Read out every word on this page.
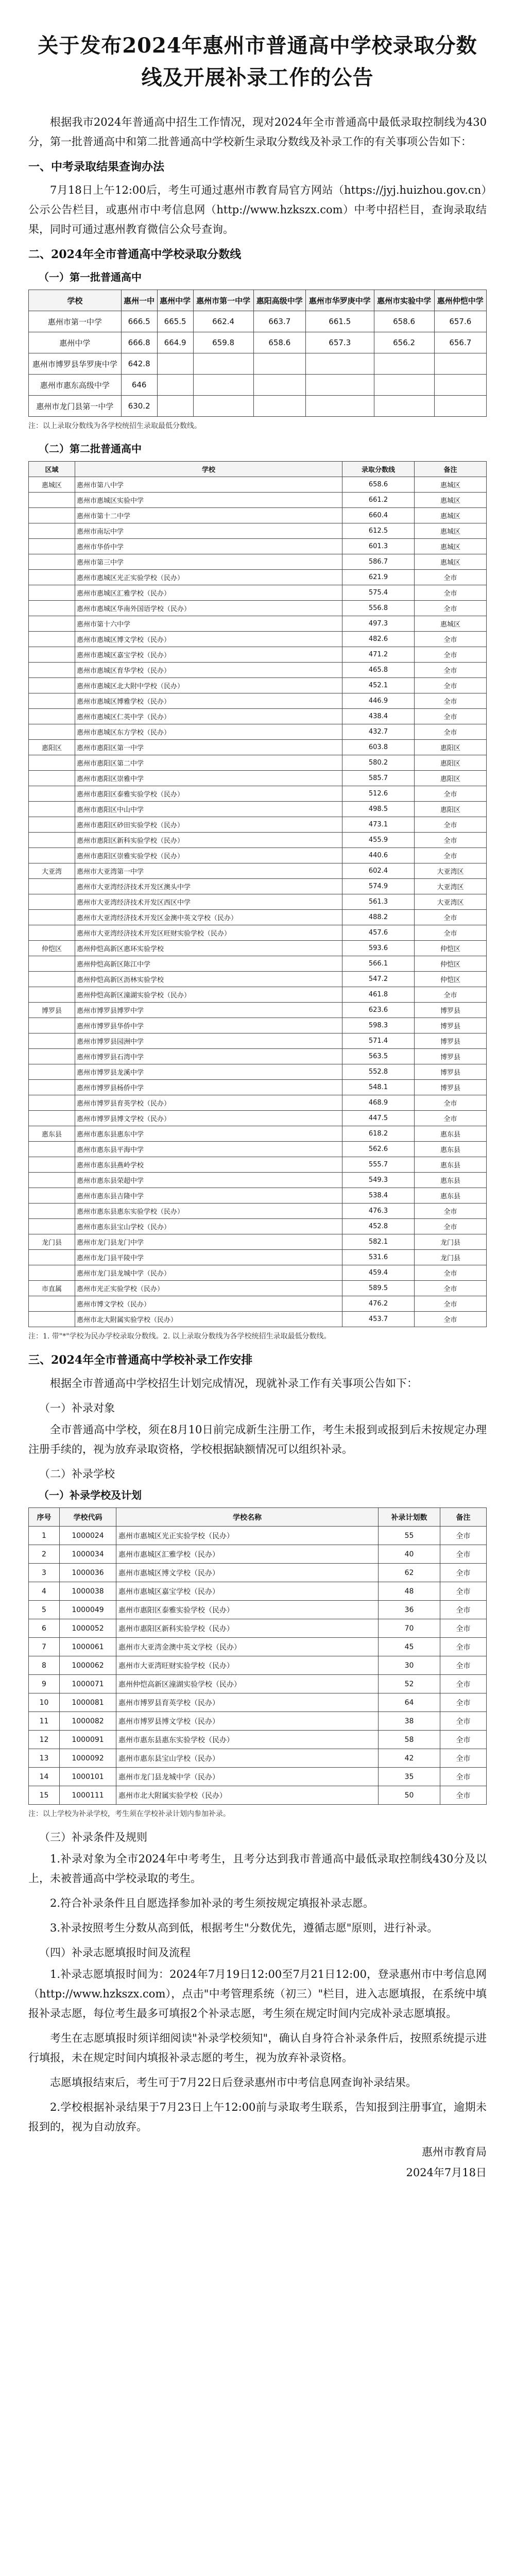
关于发布2024年惠州市普通高中学校录取分数线及开展补录工作的公告

根据我市2024年普通高中招生工作情况，现对2024年全市普通高中最低录取控制线为430分，第一批普通高中和第二批普通高中学校新生录取分数线及补录工作的有关事项公告如下：

一、中考录取结果查询办法

7月18日上午12:00后，考生可通过惠州市教育局官方网站（https://jyj.huizhou.gov.cn）公示公告栏目，或惠州市中考信息网（http://www.hzkszx.com）中考中招栏目，查询录取结果，同时可通过惠州教育微信公众号查询。

二、2024年全市普通高中学校录取分数线
（一）第一批普通高中
学校	惠州一中	惠州中学	惠州市第一中学	惠阳高级中学	惠州市华罗庚中学	惠州市实验中学	惠州仲恺中学
惠州市第一中学	666.5	665.5	662.4	663.7	661.5	658.6	657.6
惠州中学	666.8	664.9	659.8	658.6	657.3	656.2	656.7
惠州市博罗县华罗庚中学	642.8						
惠州市惠东高级中学	646						
惠州市龙门县第一中学	630.2						
注：以上录取分数线为各学校统招生录取最低分数线。
（二）第二批普通高中
区域	学校	录取分数线	备注
惠城区	惠州市第八中学	658.6	惠城区
	惠州市惠城区实验中学	661.2	惠城区
	惠州市第十二中学	660.4	惠城区
	惠州市南坛中学	612.5	惠城区
	惠州市华侨中学	601.3	惠城区
	惠州市第三中学	586.7	惠城区
	惠州市惠城区光正实验学校（民办）	621.9	全市
	惠州市惠城区汇雅学校（民办）	575.4	全市
	惠州市惠城区华南外国语学校（民办）	556.8	全市
	惠州市第十六中学	497.3	惠城区
	惠州市惠城区博文学校（民办）	482.6	全市
	惠州市惠城区嘉宝学校（民办）	471.2	全市
	惠州市惠城区育华学校（民办）	465.8	全市
	惠州市惠城区北大附中学校（民办）	452.1	全市
	惠州市惠城区博雅学校（民办）	446.9	全市
	惠州市惠城区仁英中学（民办）	438.4	全市
	惠州市惠城区东方学校（民办）	432.7	全市
惠阳区	惠州市惠阳区第一中学	603.8	惠阳区
	惠州市惠阳区第二中学	580.2	惠阳区
	惠州市惠阳区崇雅中学	585.7	惠阳区
	惠州市惠阳区泰雅实验学校（民办）	512.6	全市
	惠州市惠阳区中山中学	498.5	惠阳区
	惠州市惠阳区砂田实验学校（民办）	473.1	全市
	惠州市惠阳区新科实验学校（民办）	455.9	全市
	惠州市惠阳区崇雅实验学校（民办）	440.6	全市
大亚湾	惠州市大亚湾第一中学	602.4	大亚湾区
	惠州市大亚湾经济技术开发区澳头中学	574.9	大亚湾区
	惠州市大亚湾经济技术开发区西区中学	561.3	大亚湾区
	惠州市大亚湾经济技术开发区金澳中英文学校（民办）	488.2	全市
	惠州市大亚湾经济技术开发区旺财实验学校（民办）	457.6	全市
仲恺区	惠州仲恺高新区惠环实验学校	593.6	仲恺区
	惠州仲恺高新区陈江中学	566.1	仲恺区
	惠州仲恺高新区沥林实验学校	547.2	仲恺区
	惠州仲恺高新区潼湖实验学校（民办）	461.8	全市
博罗县	惠州市博罗县博罗中学	623.6	博罗县
	惠州市博罗县华侨中学	598.3	博罗县
	惠州市博罗县园洲中学	571.4	博罗县
	惠州市博罗县石湾中学	563.5	博罗县
	惠州市博罗县龙溪中学	552.8	博罗县
	惠州市博罗县杨侨中学	548.1	博罗县
	惠州市博罗县育英学校（民办）	468.9	全市
	惠州市博罗县博文学校（民办）	447.5	全市
惠东县	惠州市惠东县惠东中学	618.2	惠东县
	惠州市惠东县平海中学	562.6	惠东县
	惠州市惠东县燕岭学校	555.7	惠东县
	惠州市惠东县荣超中学	549.3	惠东县
	惠州市惠东县吉隆中学	538.4	惠东县
	惠州市惠东县惠东实验学校（民办）	476.3	全市
	惠州市惠东县宝山学校（民办）	452.8	全市
龙门县	惠州市龙门县龙门中学	582.1	龙门县
	惠州市龙门县平陵中学	531.6	龙门县
	惠州市龙门县龙城中学（民办）	459.4	全市
市直属	惠州市光正实验学校（民办）	589.5	全市
	惠州市博文学校（民办）	476.2	全市
	惠州市北大附属实验学校（民办）	453.7	全市
注：1. 带"*"学校为民办学校录取分数线。2. 以上录取分数线为各学校统招生录取最低分数线。
三、2024年全市普通高中学校补录工作安排

根据全市普通高中学校招生计划完成情况，现就补录工作有关事项公告如下：

（一）补录对象

全市普通高中学校，须在8月10日前完成新生注册工作，考生未报到或报到后未按规定办理注册手续的，视为放弃录取资格，学校根据缺额情况可以组织补录。

（二）补录学校
（一）补录学校及计划
序号	学校代码	学校名称	补录计划数	备注
1	1000024	惠州市惠城区光正实验学校（民办）	55	全市
2	1000034	惠州市惠城区汇雅学校（民办）	40	全市
3	1000036	惠州市惠城区博文学校（民办）	62	全市
4	1000038	惠州市惠城区嘉宝学校（民办）	48	全市
5	1000049	惠州市惠阳区泰雅实验学校（民办）	36	全市
6	1000052	惠州市惠阳区新科实验学校（民办）	70	全市
7	1000061	惠州市大亚湾金澳中英文学校（民办）	45	全市
8	1000062	惠州市大亚湾旺财实验学校（民办）	30	全市
9	1000071	惠州仲恺高新区潼湖实验学校（民办）	52	全市
10	1000081	惠州市博罗县育英学校（民办）	64	全市
11	1000082	惠州市博罗县博文学校（民办）	38	全市
12	1000091	惠州市惠东县惠东实验学校（民办）	58	全市
13	1000092	惠州市惠东县宝山学校（民办）	42	全市
14	1000101	惠州市龙门县龙城中学（民办）	35	全市
15	1000111	惠州市北大附属实验学校（民办）	50	全市
注：以上学校为补录学校，考生须在学校补录计划内参加补录。
（三）补录条件及规则

1.补录对象为全市2024年中考考生，且考分达到我市普通高中最低录取控制线430分及以上，未被普通高中学校录取的考生。

2.符合补录条件且自愿选择参加补录的考生须按规定填报补录志愿。

3.补录按照考生分数从高到低，根据考生"分数优先，遵循志愿"原则，进行补录。

（四）补录志愿填报时间及流程

1.补录志愿填报时间为：2024年7月19日12:00至7月21日12:00，登录惠州市中考信息网（http://www.hzkszx.com），点击"中考管理系统（初三）"栏目，进入志愿填报，在系统中填报补录志愿，每位考生最多可填报2个补录志愿，考生须在规定时间内完成补录志愿填报。

考生在志愿填报时须详细阅读"补录学校须知"，确认自身符合补录条件后，按照系统提示进行填报，未在规定时间内填报补录志愿的考生，视为放弃补录资格。

志愿填报结束后，考生可于7月22日后登录惠州市中考信息网查询补录结果。

2.学校根据补录结果于7月23日上午12:00前与录取考生联系，告知报到注册事宜，逾期未报到的，视为自动放弃。

惠州市教育局
2024年7月18日
